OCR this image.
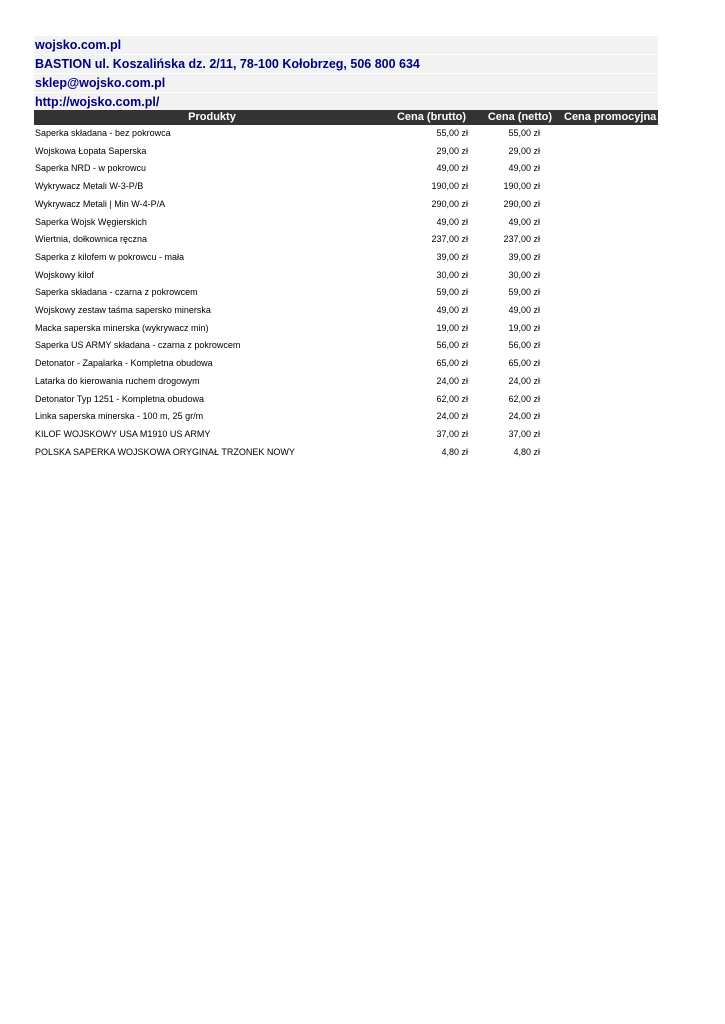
wojsko.com.pl
BASTION ul. Koszalińska dz. 2/11, 78-100 Kołobrzeg, 506 800 634
sklep@wojsko.com.pl
http://wojsko.com.pl/
Produkty	Cena (brutto)	Cena (netto)	Cena promocyjna
Saperka składana - bez pokrowca	55,00 zł	55,00 zł	
Wojskowa Łopata Saperska	29,00 zł	29,00 zł	
Saperka NRD - w pokrowcu	49,00 zł	49,00 zł	
Wykrywacz Metali W-3-P/B	190,00 zł	190,00 zł	
Wykrywacz Metali | Min W-4-P/A	290,00 zł	290,00 zł	
Saperka Wojsk Węgierskich	49,00 zł	49,00 zł	
Wiertnia, dołkownica ręczna	237,00 zł	237,00 zł	
Saperka z kilofem w pokrowcu - mała	39,00 zł	39,00 zł	
Wojskowy kilof	30,00 zł	30,00 zł	
Saperka składana - czarna z pokrowcem	59,00 zł	59,00 zł	
Wojskowy zestaw taśma sapersko minerska	49,00 zł	49,00 zł	
Macka saperska minerska (wykrywacz min)	19,00 zł	19,00 zł	
Saperka US ARMY składana - czarna z pokrowcem	56,00 zł	56,00 zł	
Detonator - Zapalarka - Kompletna obudowa	65,00 zł	65,00 zł	
Latarka do kierowania ruchem drogowym	24,00 zł	24,00 zł	
Detonator Typ 1251 - Kompletna obudowa	62,00 zł	62,00 zł	
Linka saperska minerska - 100 m, 25 gr/m	24,00 zł	24,00 zł	
KILOF WOJSKOWY USA M1910 US ARMY	37,00 zł	37,00 zł	
POLSKA SAPERKA WOJSKOWA ORYGINAŁ TRZONEK NOWY	4,80 zł	4,80 zł	
